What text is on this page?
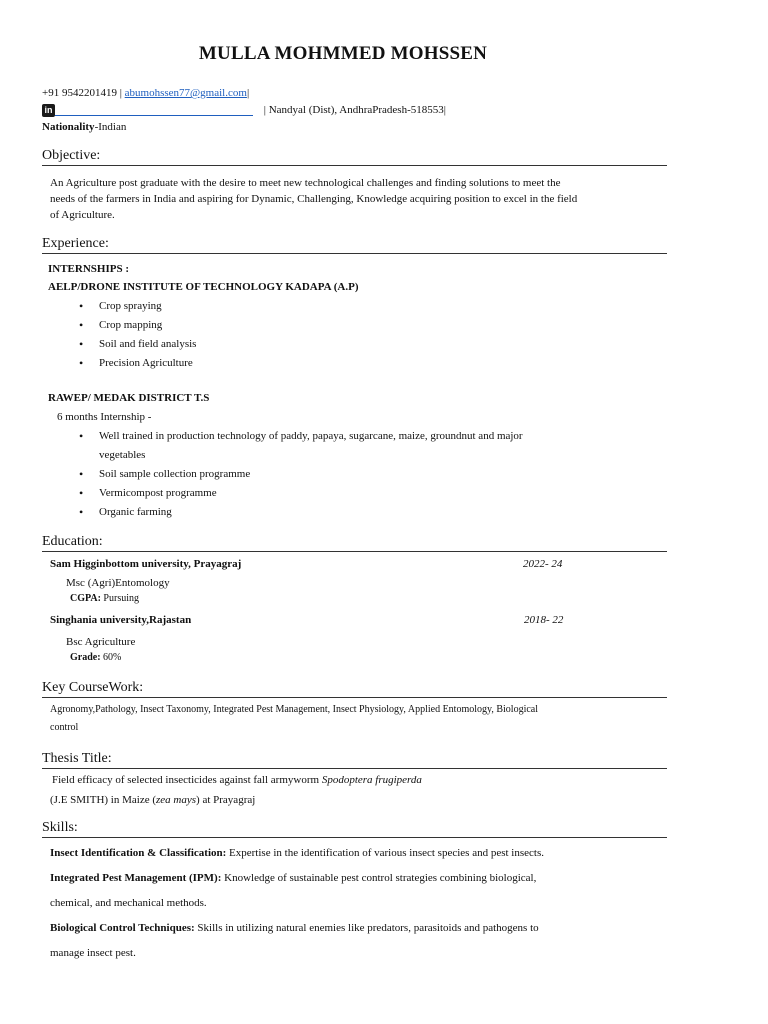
MULLA MOHMMED MOHSSEN
+91 9542201419 | abumohssen77@gmail.com|
in	| Nandyal (Dist), AndhraPradesh-518553|
Nationality-Indian
Objective:
An Agriculture post graduate with the desire to meet new technological challenges and finding solutions to meet the
needs of the farmers in India and aspiring for Dynamic, Challenging, Knowledge acquiring position to excel in the field
of Agriculture.
Experience:
INTERNSHIPS :
AELP/DRONE INSTITUTE OF TECHNOLOGY KADAPA (A.P)
• Crop spraying
• Crop mapping
• Soil and field analysis
• Precision Agriculture
RAWEP/ MEDAK DISTRICT T.S
6 months Internship -
• Well trained in production technology of paddy, papaya, sugarcane, maize, groundnut and major
vegetables
• Soil sample collection programme
• Vermicompost programme
• Organic farming
Education:
Sam Higginbottom university, Prayagraj	2022- 24
Msc (Agri)Entomology
CGPA: Pursuing
Singhania university,Rajastan	2018- 22
Bsc Agriculture
Grade: 60%
Key CourseWork:
Agronomy,Pathology, Insect Taxonomy, Integrated Pest Management, Insect Physiology, Applied Entomology, Biological
control
Thesis Title:
Field efficacy of selected insecticides against fall armyworm Spodoptera frugiperda
(J.E SMITH) in Maize (zea mays) at Prayagraj
Skills:
Insect Identification & Classification: Expertise in the identification of various insect species and pest insects.
Integrated Pest Management (IPM): Knowledge of sustainable pest control strategies combining biological,
chemical, and mechanical methods.
Biological Control Techniques: Skills in utilizing natural enemies like predators, parasitoids and pathogens to
manage insect pest.
